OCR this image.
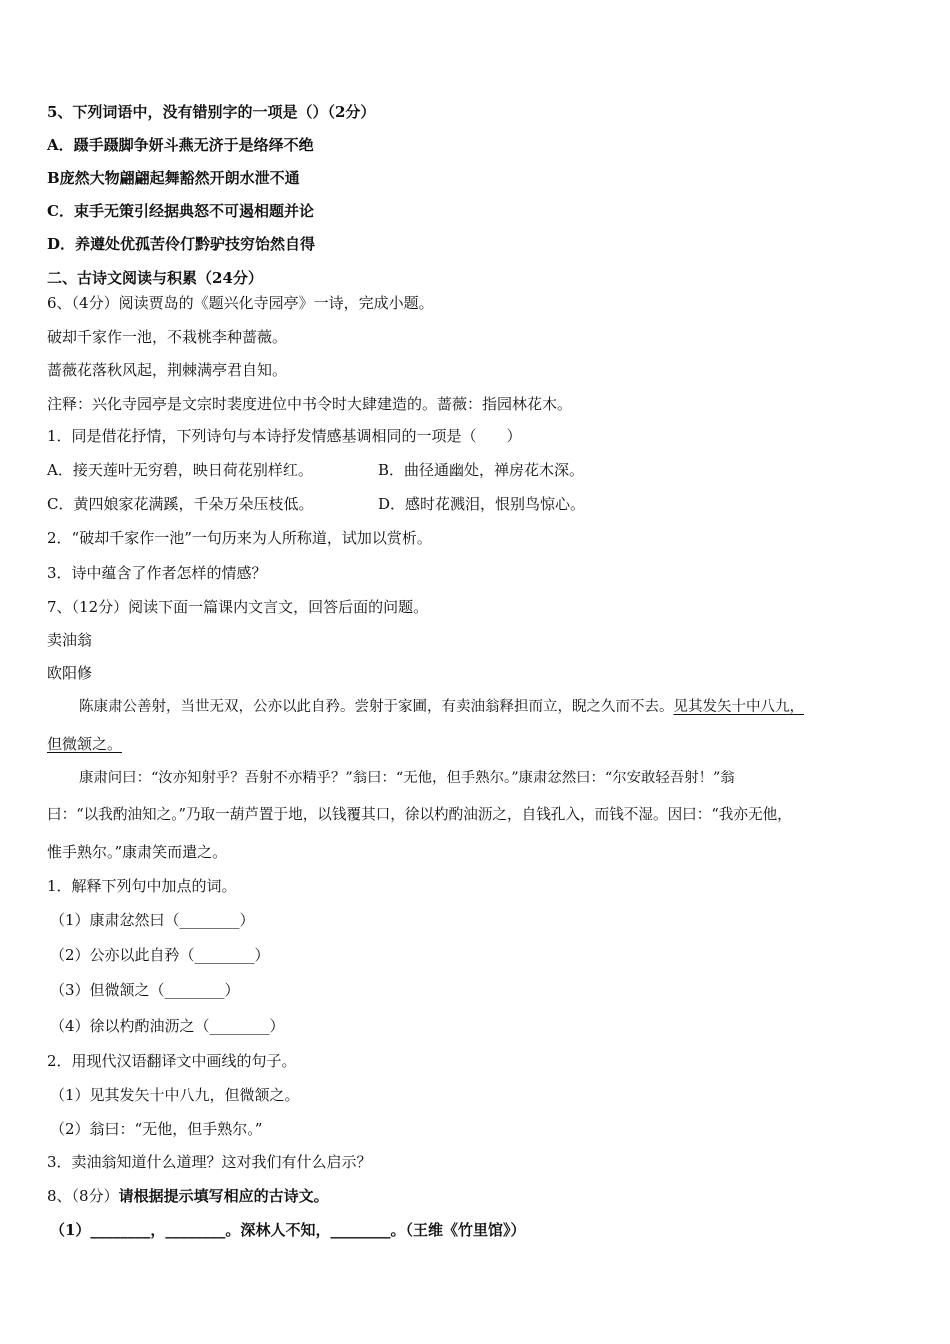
5、下列词语中，没有错别字的一项是（）（2分）
A．蹑手蹑脚争妍斗燕无济于是络绎不绝
B庞然大物翩翩起舞豁然开朗水泄不通
C．束手无策引经据典怒不可遏相题并论
D．养遵处优孤苦伶仃黔驴技穷饴然自得
二、古诗文阅读与积累（24分）
6、（4分）阅读贾岛的《题兴化寺园亭》一诗，完成小题。
破却千家作一池，不栽桃李种蔷薇。
蔷薇花落秋风起，荆棘满亭君自知。
注释：兴化寺园亭是文宗时裴度进位中书令时大肆建造的。蔷薇：指园林花木。
1．同是借花抒情，下列诗句与本诗抒发情感基调相同的一项是（　　）
A．接天莲叶无穷碧，映日荷花别样红。	B．曲径通幽处，禅房花木深。
C．黄四娘家花满蹊，千朵万朵压枝低。	D．感时花溅泪，恨别鸟惊心。
2．“破却千家作一池”一句历来为人所称道，试加以赏析。
3．诗中蕴含了作者怎样的情感？
7、（12分）阅读下面一篇课内文言文，回答后面的问题。
卖油翁
欧阳修
陈康肃公善射，当世无双，公亦以此自矜。尝射于家圃，有卖油翁释担而立，睨之久而不去。见其发矢十中八九，
但微颔之。
康肃问曰：“汝亦知射乎？吾射不亦精乎？”翁曰：“无他，但手熟尔。”康肃忿然曰：“尔安敢轻吾射！”翁
曰：“以我酌油知之。”乃取一葫芦置于地，以钱覆其口，徐以杓酌油沥之，自钱孔入，而钱不湿。因曰：“我亦无他，
惟手熟尔。”康肃笑而遣之。
1．解释下列句中加点的词。
（1）康肃忿然曰（________）
（2）公亦以此自矜（________）
（3）但微颔之（________）
（4）徐以杓酌油沥之（________）
2．用现代汉语翻译文中画线的句子。
（1）见其发矢十中八九，但微颔之。
（2）翁曰：“无他，但手熟尔。”
3．卖油翁知道什么道理？这对我们有什么启示？
8、（8分）请根据提示填写相应的古诗文。
（1）________，________。深林人不知，________。（王维《竹里馆》）
